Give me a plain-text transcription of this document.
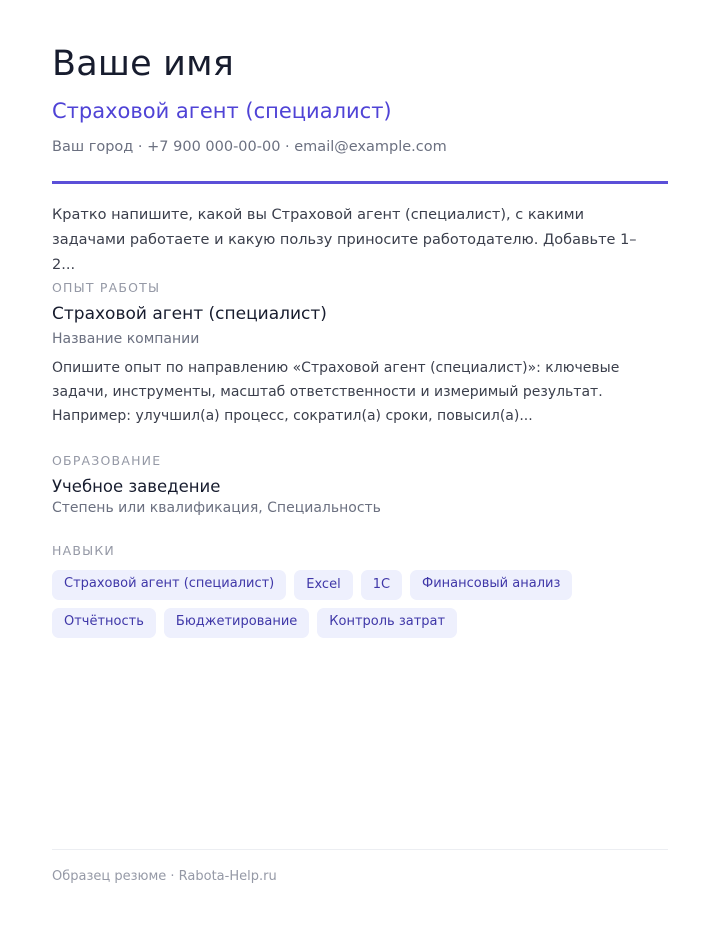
Ваше имя
Страховой агент (специалист)
Ваш город · +7 900 000-00-00 · email@example.com

Кратко напишите, какой вы Страховой агент (специалист), с какими задачами работаете и какую пользу приносите работодателю. Добавьте 1–2...

ОПЫТ РАБОТЫ
Страховой агент (специалист)
Название компании

Опишите опыт по направлению «Страховой агент (специалист)»: ключевые задачи, инструменты, масштаб ответственности и измеримый результат. Например: улучшил(а) процесс, сократил(а) сроки, повысил(а)...

ОБРАЗОВАНИЕ
Учебное заведение
Степень или квалификация, Специальность
НАВЫКИ
Страховой агент (специалист)	Excel	1С	Финансовый анализ
Отчётность	Бюджетирование	Контроль затрат
Образец резюме · Rabota-Help.ru
